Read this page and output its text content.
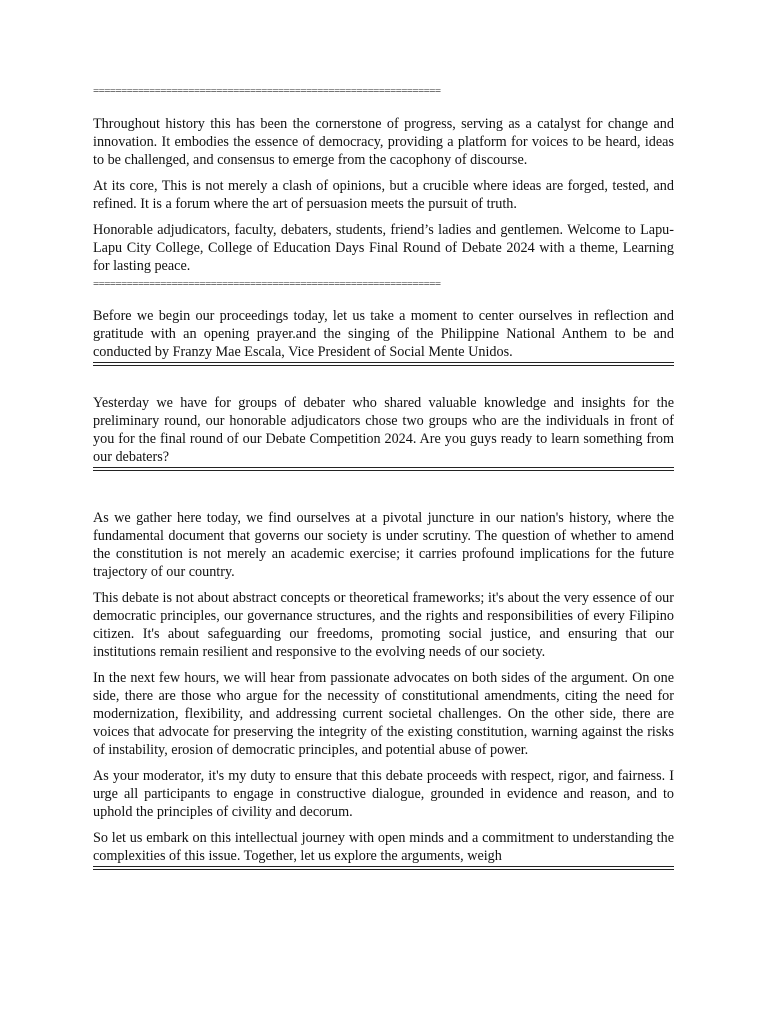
==============================================================

Throughout history this has been the cornerstone of progress, serving as a catalyst for change and innovation. It embodies the essence of democracy, providing a platform for voices to be heard, ideas to be challenged, and consensus to emerge from the cacophony of discourse.

At its core, This is not merely a clash of opinions, but a crucible where ideas are forged, tested, and refined. It is a forum where the art of persuasion meets the pursuit of truth.

Honorable adjudicators, faculty, debaters, students, friend’s ladies and gentlemen. Welcome to Lapu-Lapu City College, College of Education Days Final Round of Debate 2024 with a theme, Learning for lasting peace.

==============================================================

Before we begin our proceedings today, let us take a moment to center ourselves in reflection and gratitude with an opening prayer.and the singing of the Philippine National Anthem to be and conducted by Franzy Mae Escala, Vice President of Social Mente Unidos.

Yesterday we have for groups of debater who shared valuable knowledge and insights for the preliminary round, our honorable adjudicators chose two groups who are the individuals in front of you for the final round of our Debate Competition 2024. Are you guys ready to learn something from our debaters?

As we gather here today, we find ourselves at a pivotal juncture in our nation's history, where the fundamental document that governs our society is under scrutiny. The question of whether to amend the constitution is not merely an academic exercise; it carries profound implications for the future trajectory of our country.

This debate is not about abstract concepts or theoretical frameworks; it's about the very essence of our democratic principles, our governance structures, and the rights and responsibilities of every Filipino citizen. It's about safeguarding our freedoms, promoting social justice, and ensuring that our institutions remain resilient and responsive to the evolving needs of our society.

In the next few hours, we will hear from passionate advocates on both sides of the argument. On one side, there are those who argue for the necessity of constitutional amendments, citing the need for modernization, flexibility, and addressing current societal challenges. On the other side, there are voices that advocate for preserving the integrity of the existing constitution, warning against the risks of instability, erosion of democratic principles, and potential abuse of power.

As your moderator, it's my duty to ensure that this debate proceeds with respect, rigor, and fairness. I urge all participants to engage in constructive dialogue, grounded in evidence and reason, and to uphold the principles of civility and decorum.

So let us embark on this intellectual journey with open minds and a commitment to understanding the complexities of this issue. Together, let us explore the arguments, weigh
